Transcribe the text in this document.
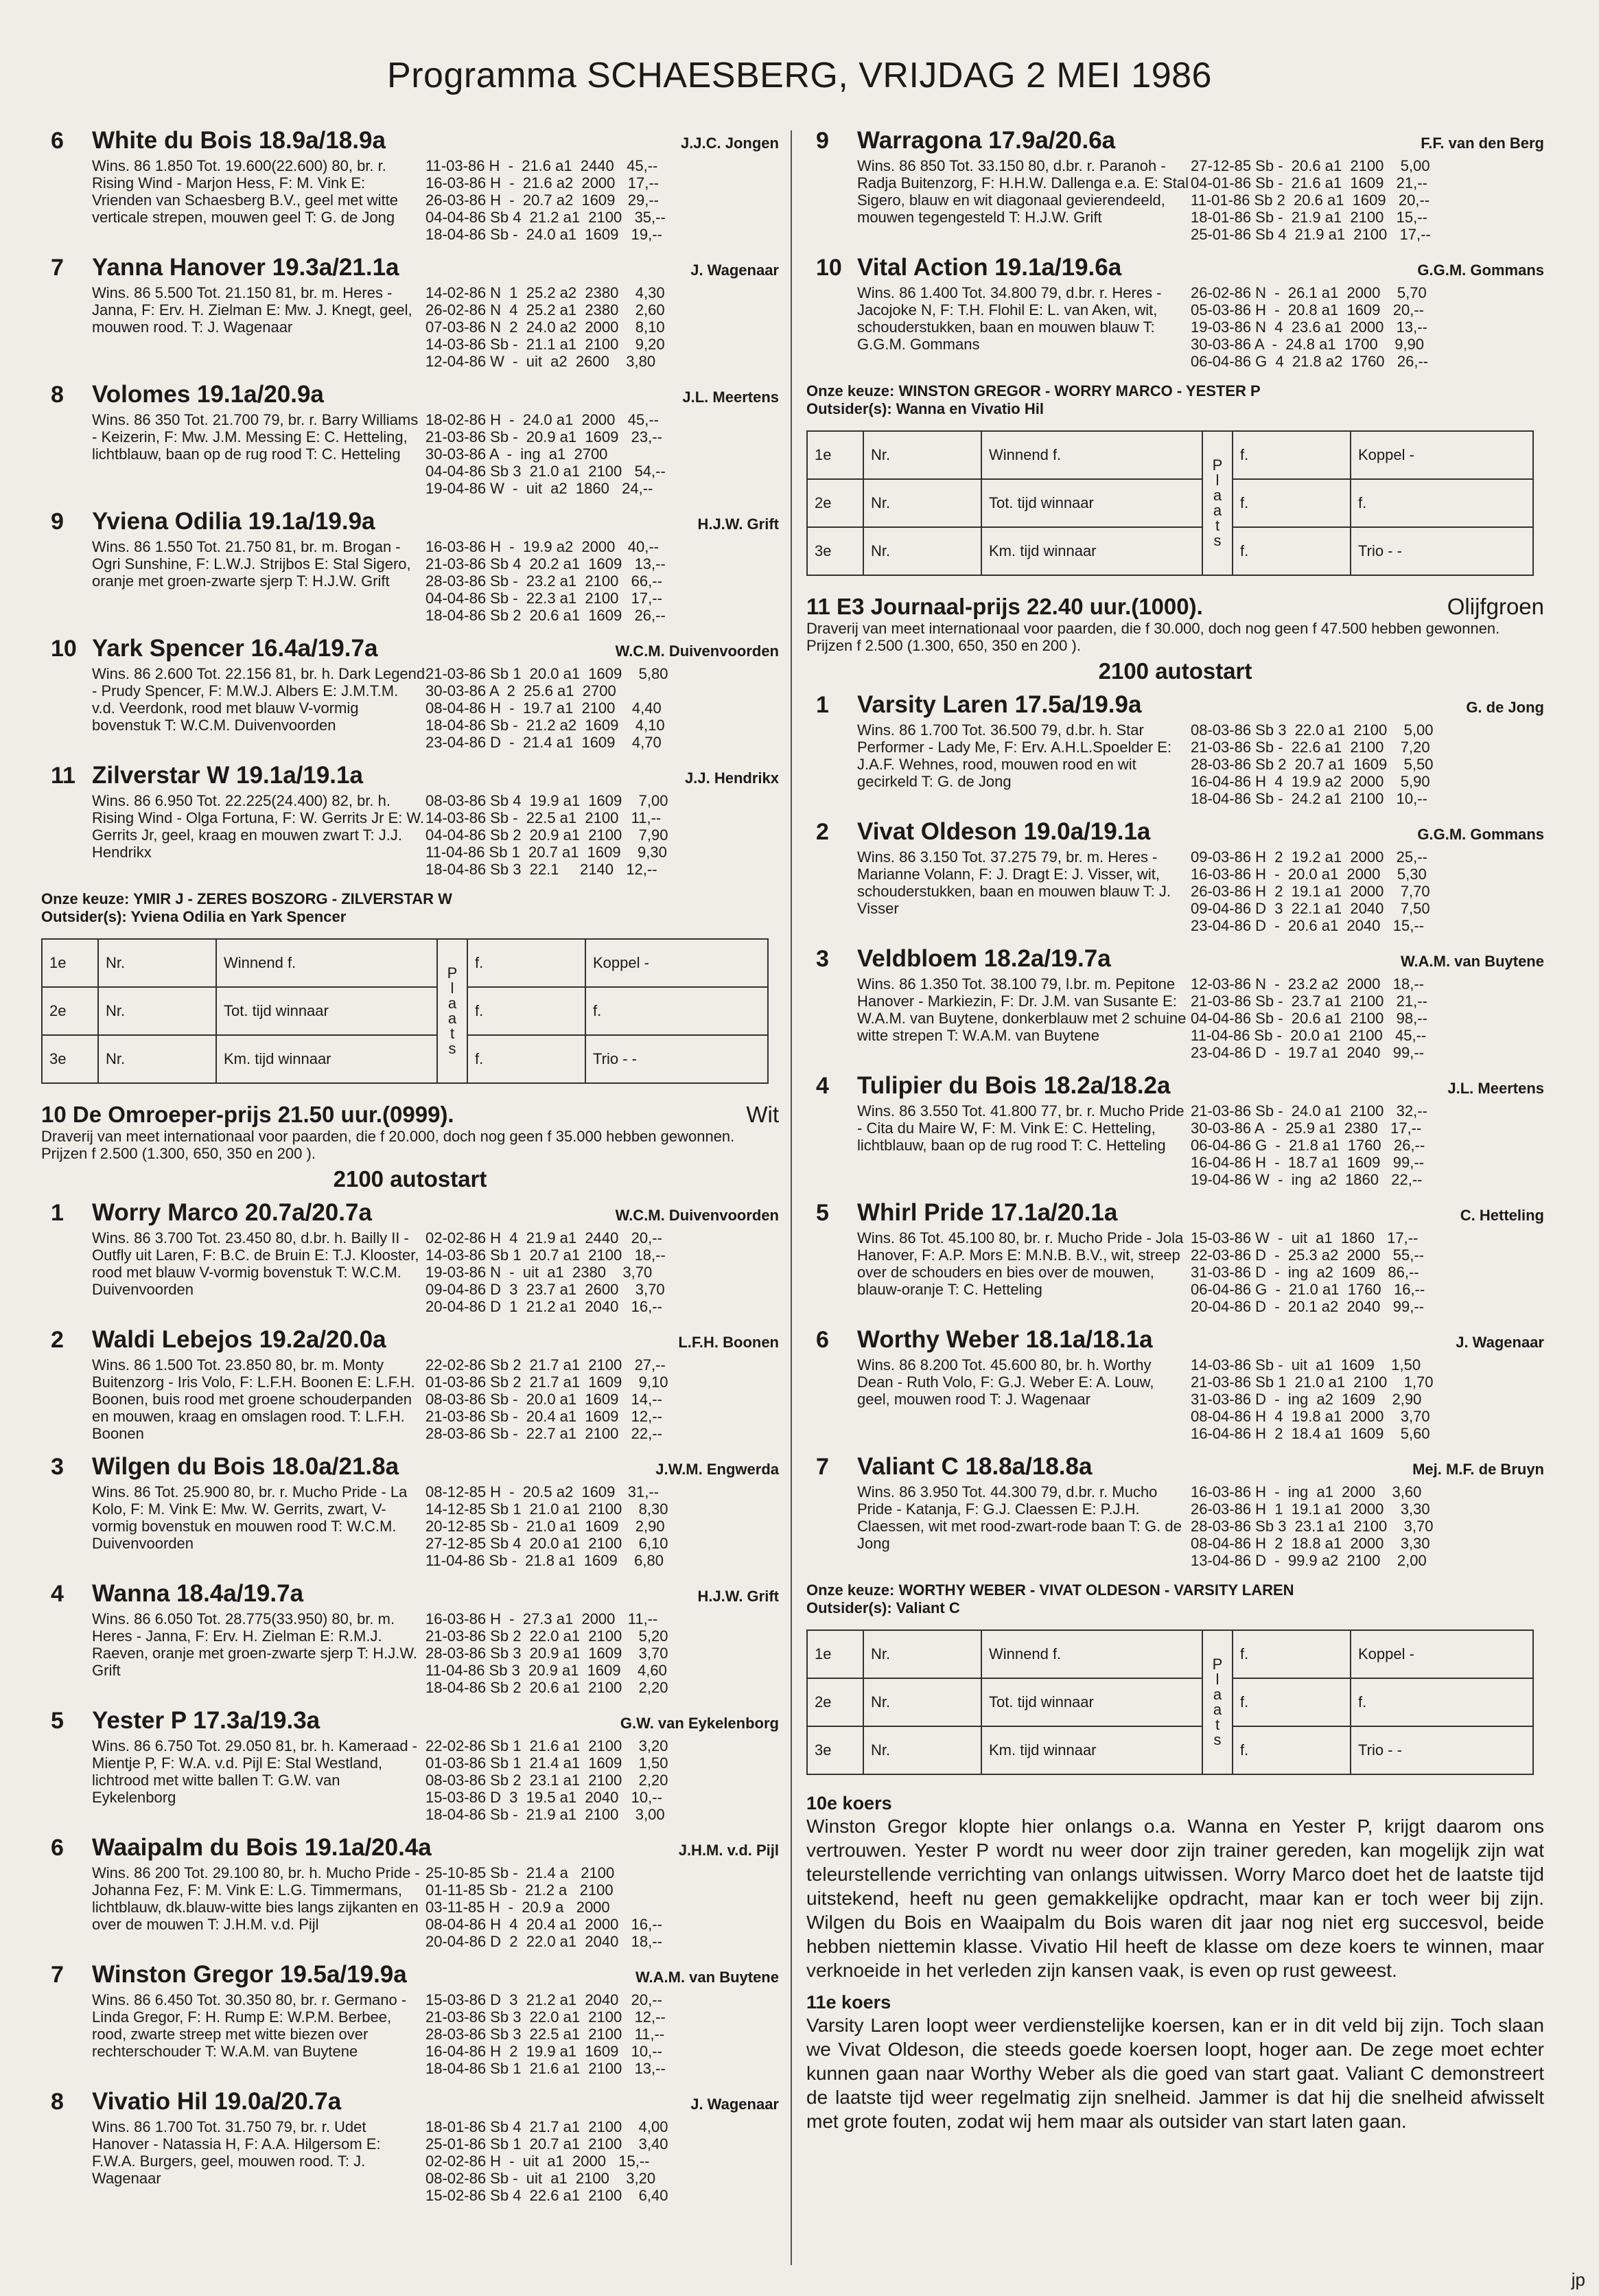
Programma SCHAESBERG, VRIJDAG 2 MEI 1986
6	White du Bois 18.9a/18.9a	J.J.C. Jongen
Wins. 86 1.850 Tot. 19.600(22.600) 80, br. r. Rising Wind - Marjon Hess, F: M. Vink E: Vrienden van Schaesberg B.V., geel met witte verticale strepen, mouwen geel T: G. de Jong
11-03-86 H  -  21.6 a1  2440   45,--
16-03-86 H  -  21.6 a2  2000   17,--
26-03-86 H  -  20.7 a2  1609   29,--
04-04-86 Sb 4  21.2 a1  2100   35,--
18-04-86 Sb -  24.0 a1  1609   19,--
7	Yanna Hanover 19.3a/21.1a	J. Wagenaar
Wins. 86 5.500 Tot. 21.150 81, br. m. Heres - Janna, F: Erv. H. Zielman E: Mw. J. Knegt, geel, mouwen rood. T: J. Wagenaar
14-02-86 N  1  25.2 a2  2380    4,30
26-02-86 N  4  25.2 a1  2380    2,60
07-03-86 N  2  24.0 a2  2000    8,10
14-03-86 Sb -  21.1 a1  2100    9,20
12-04-86 W  -  uit  a2  2600    3,80
8	Volomes 19.1a/20.9a	J.L. Meertens
Wins. 86 350 Tot. 21.700 79, br. r. Barry Williams - Keizerin, F: Mw. J.M. Messing E: C. Hetteling, lichtblauw, baan op de rug rood T: C. Hetteling
18-02-86 H  -  24.0 a1  2000   45,--
21-03-86 Sb -  20.9 a1  1609   23,--
30-03-86 A  -  ing  a1  2700
04-04-86 Sb 3  21.0 a1  2100   54,--
19-04-86 W  -  uit  a2  1860   24,--
9	Yviena Odilia 19.1a/19.9a	H.J.W. Grift
Wins. 86 1.550 Tot. 21.750 81, br. m. Brogan - Ogri Sunshine, F: L.W.J. Strijbos E: Stal Sigero, oranje met groen-zwarte sjerp T: H.J.W. Grift
16-03-86 H  -  19.9 a2  2000   40,--
21-03-86 Sb 4  20.2 a1  1609   13,--
28-03-86 Sb -  23.2 a1  2100   66,--
04-04-86 Sb -  22.3 a1  2100   17,--
18-04-86 Sb 2  20.6 a1  1609   26,--
10 Yark Spencer 16.4a/19.7a	W.C.M. Duivenvoorden
Wins. 86 2.600 Tot. 22.156 81, br. h. Dark Legend - Prudy Spencer, F: M.W.J. Albers E: J.M.T.M. v.d. Veerdonk, rood met blauw V-vormig bovenstuk T: W.C.M. Duivenvoorden
21-03-86 Sb 1  20.0 a1  1609    5,80
30-03-86 A  2  25.6 a1  2700
08-04-86 H  -  19.7 a1  2100    4,40
18-04-86 Sb -  21.2 a2  1609    4,10
23-04-86 D  -  21.4 a1  1609    4,70
11 Zilverstar W 19.1a/19.1a	J.J. Hendrikx
Wins. 86 6.950 Tot. 22.225(24.400) 82, br. h. Rising Wind - Olga Fortuna, F: W. Gerrits Jr E: W. Gerrits Jr, geel, kraag en mouwen zwart T: J.J. Hendrikx
08-03-86 Sb 4  19.9 a1  1609    7,00
14-03-86 Sb -  22.5 a1  2100   11,--
04-04-86 Sb 2  20.9 a1  2100    7,90
11-04-86 Sb 1  20.7 a1  1609    9,30
18-04-86 Sb 3  22.1     2140   12,--
Onze keuze: YMIR J - ZERES BOSZORG - ZILVERSTAR W
Outsider(s): Yviena Odilia en Yark Spencer
1e	Nr.	Winnend f.	P l a a t s	f.	Koppel -
2e	Nr.	Tot. tijd winnaar		f.	f.
3e	Nr.	Km. tijd winnaar		f.	Trio - -
10 De Omroeper-prijs 21.50 uur.(0999).	Wit
Draverij van meet internationaal voor paarden, die f 20.000, doch nog geen f 35.000 hebben gewonnen. Prijzen f 2.500 (1.300, 650, 350 en 200 ).
2100 autostart
1	Worry Marco 20.7a/20.7a	W.C.M. Duivenvoorden
Wins. 86 3.700 Tot. 23.450 80, d.br. h. Bailly II - Outfly uit Laren, F: B.C. de Bruin E: T.J. Klooster, rood met blauw V-vormig bovenstuk T: W.C.M. Duivenvoorden
02-02-86 H  4  21.9 a1  2440   20,--
14-03-86 Sb 1  20.7 a1  2100   18,--
19-03-86 N  -  uit  a1  2380    3,70
09-04-86 D  3  23.7 a1  2600    3,70
20-04-86 D  1  21.2 a1  2040   16,--
2	Waldi Lebejos 19.2a/20.0a	L.F.H. Boonen
Wins. 86 1.500 Tot. 23.850 80, br. m. Monty Buitenzorg - Iris Volo, F: L.F.H. Boonen E: L.F.H. Boonen, buis rood met groene schouderpanden en mouwen, kraag en omslagen rood. T: L.F.H. Boonen
22-02-86 Sb 2  21.7 a1  2100   27,--
01-03-86 Sb 2  21.7 a1  1609    9,10
08-03-86 Sb -  20.0 a1  1609   14,--
21-03-86 Sb -  20.4 a1  1609   12,--
28-03-86 Sb -  22.7 a1  2100   22,--
3	Wilgen du Bois 18.0a/21.8a	J.W.M. Engwerda
Wins. 86 Tot. 25.900 80, br. r. Mucho Pride - La Kolo, F: M. Vink E: Mw. W. Gerrits, zwart, V-vormig bovenstuk en mouwen rood T: W.C.M. Duivenvoorden
08-12-85 H  -  20.5 a2  1609   31,--
14-12-85 Sb 1  21.0 a1  2100    8,30
20-12-85 Sb -  21.0 a1  1609    2,90
27-12-85 Sb 4  20.0 a1  2100    6,10
11-04-86 Sb -  21.8 a1  1609    6,80
4	Wanna 18.4a/19.7a	H.J.W. Grift
Wins. 86 6.050 Tot. 28.775(33.950) 80, br. m. Heres - Janna, F: Erv. H. Zielman E: R.M.J. Raeven, oranje met groen-zwarte sjerp T: H.J.W. Grift
16-03-86 H  -  27.3 a1  2000   11,--
21-03-86 Sb 2  22.0 a1  2100    5,20
28-03-86 Sb 3  20.9 a1  1609    3,70
11-04-86 Sb 3  20.9 a1  1609    4,60
18-04-86 Sb 2  20.6 a1  2100    2,20
5	Yester P 17.3a/19.3a	G.W. van Eykelenborg
Wins. 86 6.750 Tot. 29.050 81, br. h. Kameraad - Mientje P, F: W.A. v.d. Pijl E: Stal Westland, lichtrood met witte ballen T: G.W. van Eykelenborg
22-02-86 Sb 1  21.6 a1  2100    3,20
01-03-86 Sb 1  21.4 a1  1609    1,50
08-03-86 Sb 2  23.1 a1  2100    2,20
15-03-86 D  3  19.5 a1  2040   10,--
18-04-86 Sb -  21.9 a1  2100    3,00
6	Waaipalm du Bois 19.1a/20.4a	J.H.M. v.d. Pijl
Wins. 86 200 Tot. 29.100 80, br. h. Mucho Pride - Johanna Fez, F: M. Vink E: L.G. Timmermans, lichtblauw, dk.blauw-witte bies langs zijkanten en over de mouwen T: J.H.M. v.d. Pijl
25-10-85 Sb -  21.4 a   2100
01-11-85 Sb -  21.2 a   2100
03-11-85 H  -  20.9 a   2000
08-04-86 H  4  20.4 a1  2000   16,--
20-04-86 D  2  22.0 a1  2040   18,--
7	Winston Gregor 19.5a/19.9a	W.A.M. van Buytene
Wins. 86 6.450 Tot. 30.350 80, br. r. Germano - Linda Gregor, F: H. Rump E: W.P.M. Berbee, rood, zwarte streep met witte biezen over rechterschouder T: W.A.M. van Buytene
15-03-86 D  3  21.2 a1  2040   20,--
21-03-86 Sb 3  22.0 a1  2100   12,--
28-03-86 Sb 3  22.5 a1  2100   11,--
16-04-86 H  2  19.9 a1  1609   10,--
18-04-86 Sb 1  21.6 a1  2100   13,--
8	Vivatio Hil 19.0a/20.7a	J. Wagenaar
Wins. 86 1.700 Tot. 31.750 79, br. r. Udet Hanover - Natassia H, F: A.A. Hilgersom E: F.W.A. Burgers, geel, mouwen rood. T: J. Wagenaar
18-01-86 Sb 4  21.7 a1  2100    4,00
25-01-86 Sb 1  20.7 a1  2100    3,40
02-02-86 H  -  uit  a1  2000   15,--
08-02-86 Sb -  uit  a1  2100    3,20
15-02-86 Sb 4  22.6 a1  2100    6,40
9	Warragona 17.9a/20.6a	F.F. van den Berg
Wins. 86 850 Tot. 33.150 80, d.br. r. Paranoh - Radja Buitenzorg, F: H.H.W. Dallenga e.a. E: Stal Sigero, blauw en wit diagonaal gevierendeeld, mouwen tegengesteld T: H.J.W. Grift
27-12-85 Sb -  20.6 a1  2100    5,00
04-01-86 Sb -  21.6 a1  1609   21,--
11-01-86 Sb 2  20.6 a1  1609   20,--
18-01-86 Sb -  21.9 a1  2100   15,--
25-01-86 Sb 4  21.9 a1  2100   17,--
10 Vital Action 19.1a/19.6a	G.G.M. Gommans
Wins. 86 1.400 Tot. 34.800 79, d.br. r. Heres - Jacojoke N, F: T.H. Flohil E: L. van Aken, wit, schouderstukken, baan en mouwen blauw T: G.G.M. Gommans
26-02-86 N  -  26.1 a1  2000    5,70
05-03-86 H  -  20.8 a1  1609   20,--
19-03-86 N  4  23.6 a1  2000   13,--
30-03-86 A  -  24.8 a1  1700    9,90
06-04-86 G  4  21.8 a2  1760   26,--
Onze keuze: WINSTON GREGOR - WORRY MARCO - YESTER P
Outsider(s): Wanna en Vivatio Hil
1e	Nr.	Winnend f.	P l a a t s	f.	Koppel -
2e	Nr.	Tot. tijd winnaar		f.	f.
3e	Nr.	Km. tijd winnaar		f.	Trio - -
11 E3 Journaal-prijs 22.40 uur.(1000).	Olijfgroen
Draverij van meet internationaal voor paarden, die f 30.000, doch nog geen f 47.500 hebben gewonnen. Prijzen f 2.500 (1.300, 650, 350 en 200 ).
2100 autostart
1	Varsity Laren 17.5a/19.9a	G. de Jong
Wins. 86 1.700 Tot. 36.500 79, d.br. h. Star Performer - Lady Me, F: Erv. A.H.L.Spoelder E: J.A.F. Wehnes, rood, mouwen rood en wit gecirkeld T: G. de Jong
08-03-86 Sb 3  22.0 a1  2100    5,00
21-03-86 Sb -  22.6 a1  2100    7,20
28-03-86 Sb 2  20.7 a1  1609    5,50
16-04-86 H  4  19.9 a2  2000    5,90
18-04-86 Sb -  24.2 a1  2100   10,--
2	Vivat Oldeson 19.0a/19.1a	G.G.M. Gommans
Wins. 86 3.150 Tot. 37.275 79, br. m. Heres - Marianne Volann, F: J. Dragt E: J. Visser, wit, schouderstukken, baan en mouwen blauw T: J. Visser
09-03-86 H  2  19.2 a1  2000   25,--
16-03-86 H  -  20.0 a1  2000    5,30
26-03-86 H  2  19.1 a1  2000    7,70
09-04-86 D  3  22.1 a1  2040    7,50
23-04-86 D  -  20.6 a1  2040   15,--
3	Veldbloem 18.2a/19.7a	W.A.M. van Buytene
Wins. 86 1.350 Tot. 38.100 79, l.br. m. Pepitone Hanover - Markiezin, F: Dr. J.M. van Susante E: W.A.M. van Buytene, donkerblauw met 2 schuine witte strepen T: W.A.M. van Buytene
12-03-86 N  -  23.2 a2  2000   18,--
21-03-86 Sb -  23.7 a1  2100   21,--
04-04-86 Sb -  20.6 a1  2100   98,--
11-04-86 Sb -  20.0 a1  2100   45,--
23-04-86 D  -  19.7 a1  2040   99,--
4	Tulipier du Bois 18.2a/18.2a	J.L. Meertens
Wins. 86 3.550 Tot. 41.800 77, br. r. Mucho Pride - Cita du Maire W, F: M. Vink E: C. Hetteling, lichtblauw, baan op de rug rood T: C. Hetteling
21-03-86 Sb -  24.0 a1  2100   32,--
30-03-86 A  -  25.9 a1  2380   17,--
06-04-86 G  -  21.8 a1  1760   26,--
16-04-86 H  -  18.7 a1  1609   99,--
19-04-86 W  -  ing  a2  1860   22,--
5	Whirl Pride 17.1a/20.1a	C. Hetteling
Wins. 86 Tot. 45.100 80, br. r. Mucho Pride - Jola Hanover, F: A.P. Mors E: M.N.B. B.V., wit, streep over de schouders en bies over de mouwen, blauw-oranje T: C. Hetteling
15-03-86 W  -  uit  a1  1860   17,--
22-03-86 D  -  25.3 a2  2000   55,--
31-03-86 D  -  ing  a2  1609   86,--
06-04-86 G  -  21.0 a1  1760   16,--
20-04-86 D  -  20.1 a2  2040   99,--
6	Worthy Weber 18.1a/18.1a	J. Wagenaar
Wins. 86 8.200 Tot. 45.600 80, br. h. Worthy Dean - Ruth Volo, F: G.J. Weber E: A. Louw, geel, mouwen rood T: J. Wagenaar
14-03-86 Sb -  uit  a1  1609    1,50
21-03-86 Sb 1  21.0 a1  2100    1,70
31-03-86 D  -  ing  a2  1609    2,90
08-04-86 H  4  19.8 a1  2000    3,70
16-04-86 H  2  18.4 a1  1609    5,60
7	Valiant C 18.8a/18.8a	Mej. M.F. de Bruyn
Wins. 86 3.950 Tot. 44.300 79, d.br. r. Mucho Pride - Katanja, F: G.J. Claessen E: P.J.H. Claessen, wit met rood-zwart-rode baan T: G. de Jong
16-03-86 H  -  ing  a1  2000    3,60
26-03-86 H  1  19.1 a1  2000    3,30
28-03-86 Sb 3  23.1 a1  2100    3,70
08-04-86 H  2  18.8 a1  2000    3,30
13-04-86 D  -  99.9 a2  2100    2,00
Onze keuze: WORTHY WEBER - VIVAT OLDESON - VARSITY LAREN
Outsider(s): Valiant C
1e	Nr.	Winnend f.	P l a a t s	f.	Koppel -
2e	Nr.	Tot. tijd winnaar		f.	f.
3e	Nr.	Km. tijd winnaar		f.	Trio - -
10e koers
Winston Gregor klopte hier onlangs o.a. Wanna en Yester P, krijgt daarom ons vertrouwen. Yester P wordt nu weer door zijn trainer gereden, kan mogelijk zijn wat teleurstellende verrichting van onlangs uitwissen. Worry Marco doet het de laatste tijd uitstekend, heeft nu geen gemakkelijke opdracht, maar kan er toch weer bij zijn. Wilgen du Bois en Waaipalm du Bois waren dit jaar nog niet erg succesvol, beide hebben niettemin klasse. Vivatio Hil heeft de klasse om deze koers te winnen, maar verknoeide in het verleden zijn kansen vaak, is even op rust geweest.
11e koers
Varsity Laren loopt weer verdienstelijke koersen, kan er in dit veld bij zijn. Toch slaan we Vivat Oldeson, die steeds goede koersen loopt, hoger aan. De zege moet echter kunnen gaan naar Worthy Weber als die goed van start gaat. Valiant C demonstreert de laatste tijd weer regelmatig zijn snelheid. Jammer is dat hij die snelheid afwisselt met grote fouten, zodat wij hem maar als outsider van start laten gaan.
jp
